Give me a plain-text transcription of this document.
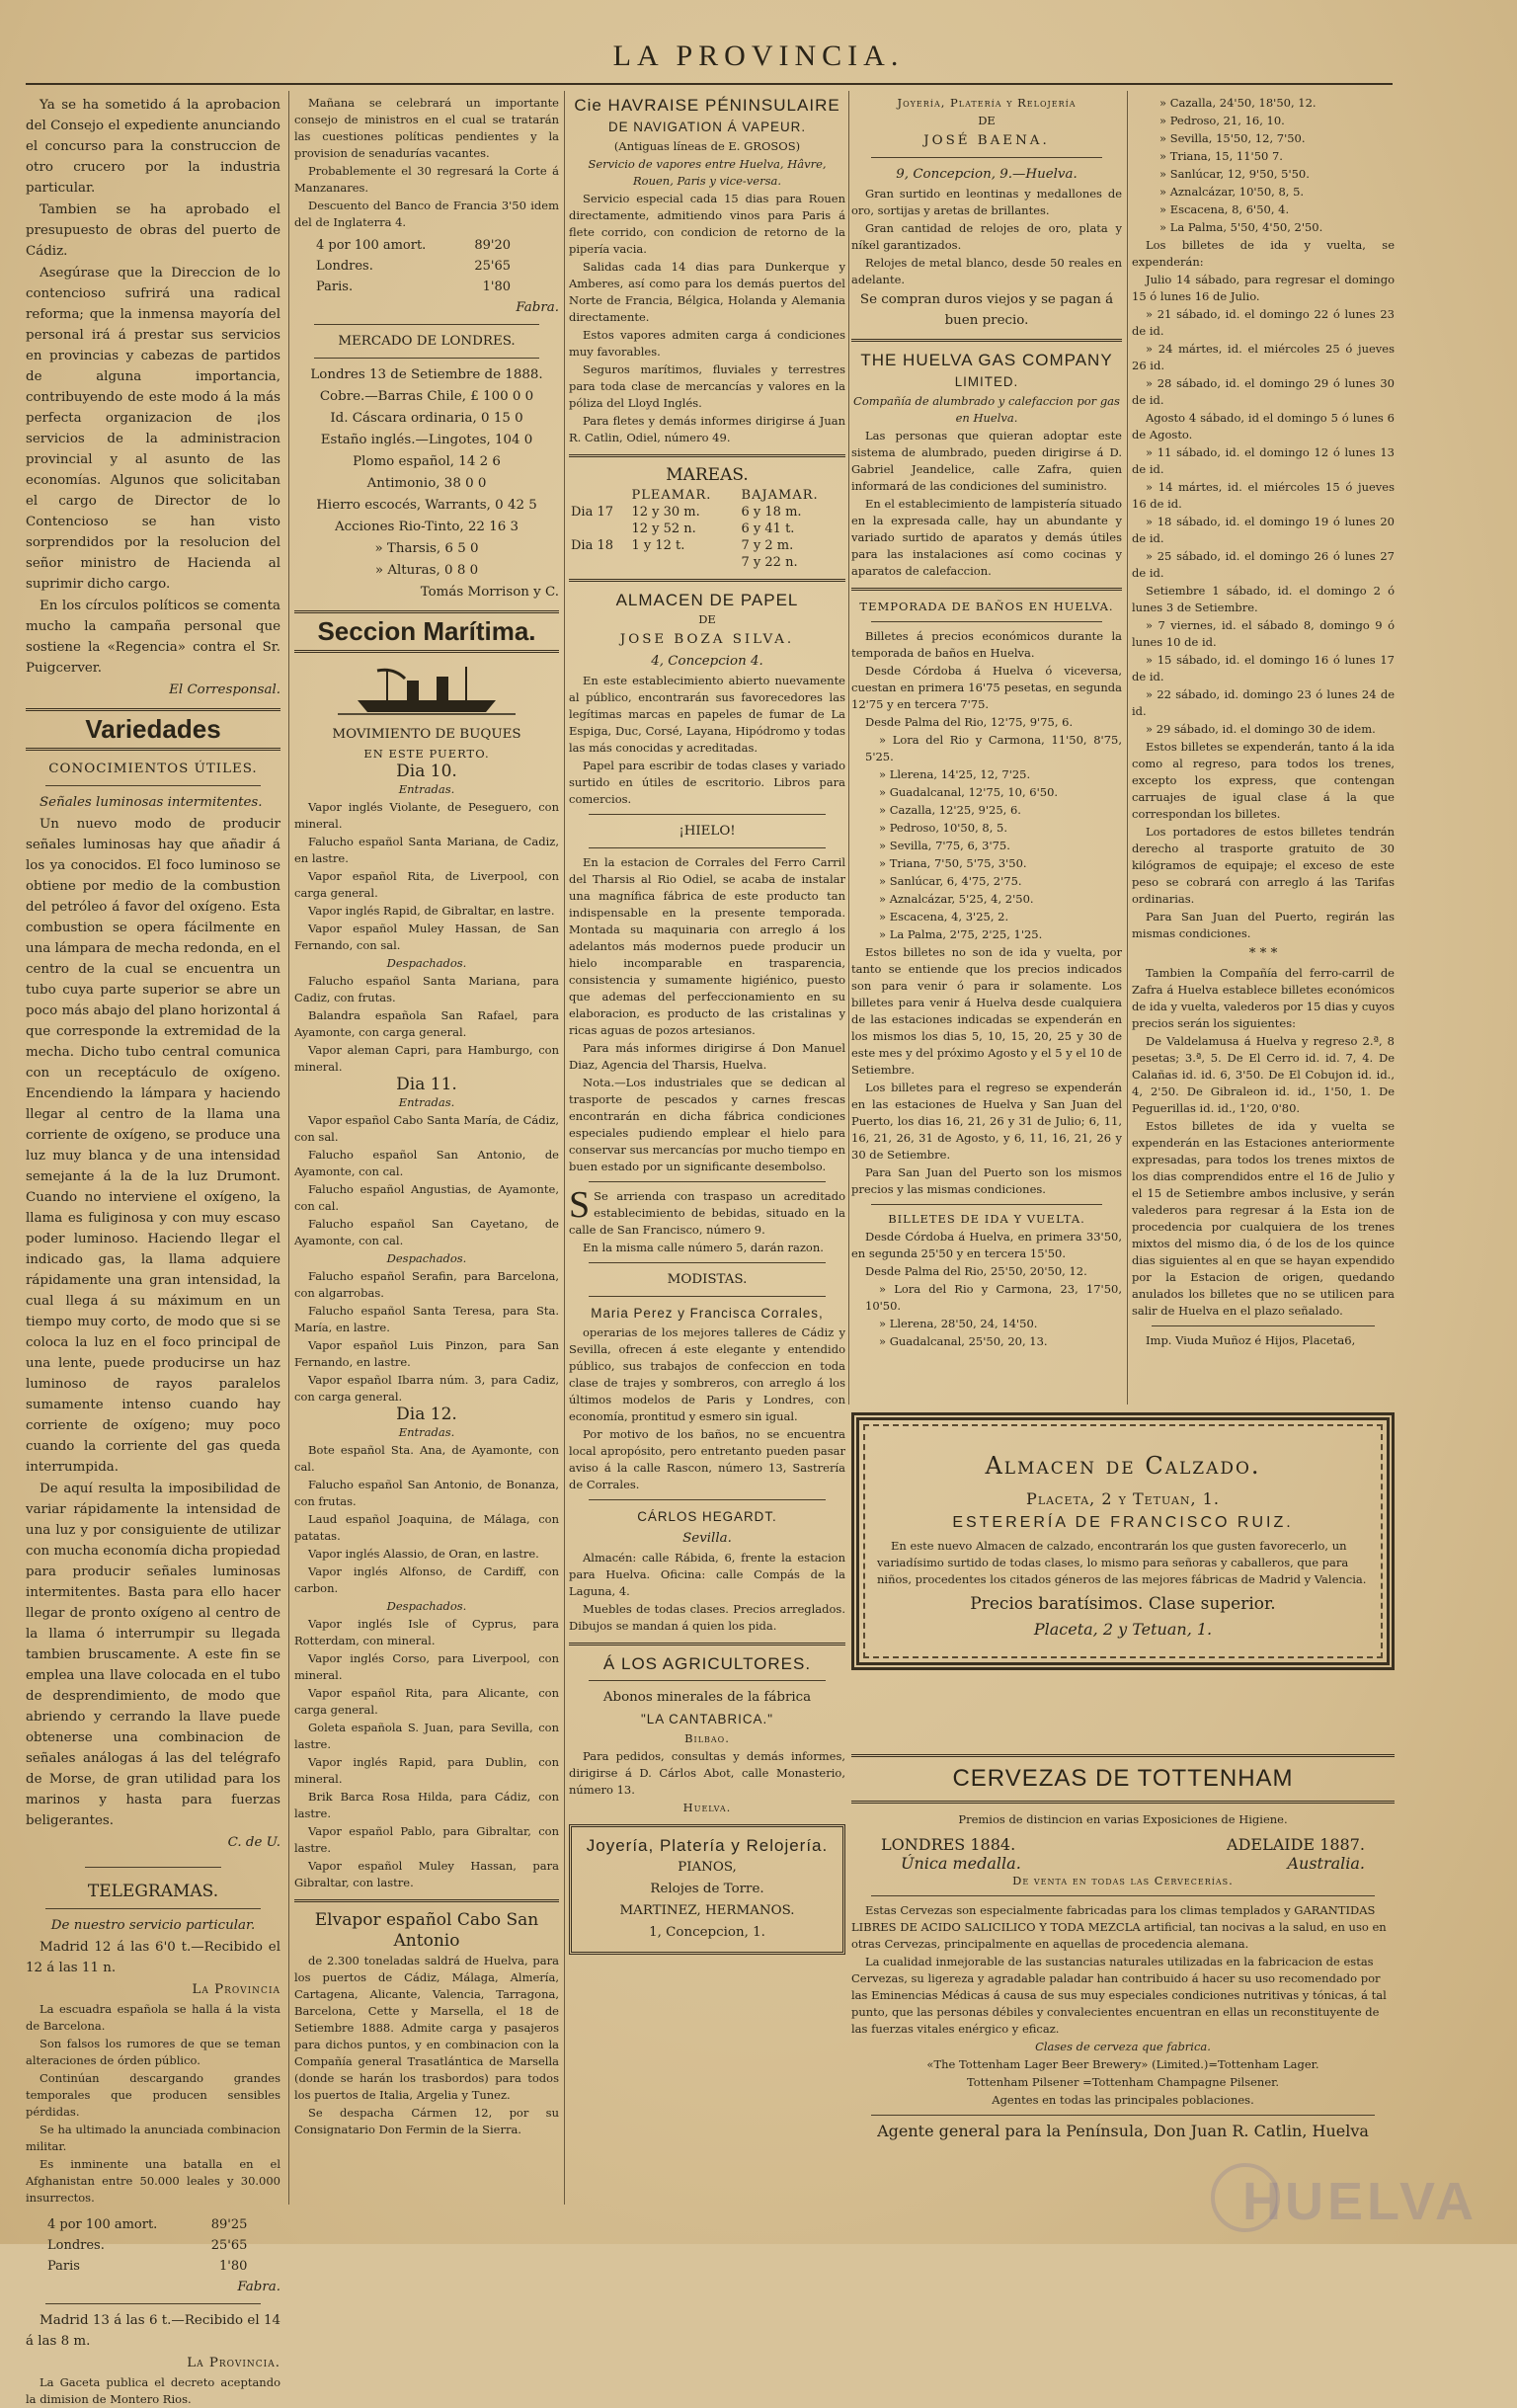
LA PROVINCIA.

Ya se ha sometido á la aprobacion del Consejo el expediente anunciando el concurso para la construccion de otro crucero por la industria particular.

Tambien se ha aprobado el presupuesto de obras del puerto de Cádiz.

Asegúrase que la Direccion de lo contencioso sufrirá una radical reforma; que la inmensa mayoría del personal irá á prestar sus servicios en provincias y cabezas de partidos de alguna importancia, contribuyendo de este modo á la más perfecta organizacion de ¡los servicios de la administracion provincial y al asunto de las economías. Algunos que solicitaban el cargo de Director de lo Contencioso se han visto sorprendidos por la resolucion del señor ministro de Hacienda al suprimir dicho cargo.

En los círculos políticos se comenta mucho la campaña personal que sostiene la «Regencia» contra el Sr. Puigcerver.

El Corresponsal.

Variedades

CONOCIMIENTOS ÚTILES.

Señales luminosas intermitentes.

Un nuevo modo de producir señales luminosas hay que añadir á los ya conocidos. El foco luminoso se obtiene por medio de la combustion del petróleo á favor del oxígeno. Esta combustion se opera fácilmente en una lámpara de mecha redonda, en el centro de la cual se encuentra un tubo cuya parte superior se abre un poco más abajo del plano horizontal á que corresponde la extremidad de la mecha. Dicho tubo central comunica con un receptáculo de oxígeno. Encendiendo la lámpara y haciendo llegar al centro de la llama una corriente de oxígeno, se produce una luz muy blanca y de una intensidad semejante á la de la luz Drumont. Cuando no interviene el oxígeno, la llama es fuliginosa y con muy escaso poder luminoso. Haciendo llegar el indicado gas, la llama adquiere rápidamente una gran intensidad, la cual llega á su máximum en un tiempo muy corto, de modo que si se coloca la luz en el foco principal de una lente, puede producirse un haz luminoso de rayos paralelos sumamente intenso cuando hay corriente de oxígeno; muy poco cuando la corriente del gas queda interrumpida.

De aquí resulta la imposibilidad de variar rápidamente la intensidad de una luz y por consiguiente de utilizar con mucha economía dicha propiedad para producir señales luminosas intermitentes. Basta para ello hacer llegar de pronto oxígeno al centro de la llama ó interrumpir su llegada tambien bruscamente. A este fin se emplea una llave colocada en el tubo de desprendimiento, de modo que abriendo y cerrando la llave puede obtenerse una combinacion de señales análogas á las del telégrafo de Morse, de gran utilidad para los marinos y hasta para fuerzas beligerantes.

C. de U.

TELEGRAMAS.

De nuestro servicio particular.

Madrid 12 á las 6'0 t.—Recibido el 12 á las 11 n.

La Provincia

La escuadra española se halla á la vista de Barcelona.

Son falsos los rumores de que se teman alteraciones de órden público.

Continúan descargando grandes temporales que producen sensibles pérdidas.

Se ha ultimado la anunciada combinacion militar.

Es inminente una batalla en el Afghanistan entre 50.000 leales y 30.000 insurrectos.

4 por 100 amort.	89'25
Londres.	25'65
Paris	1'80

Fabra.

Madrid 13 á las 6 t.—Recibido el 14 á las 8 m.

La Provincia.

La Gaceta publica el decreto aceptando la dimision de Montero Rios.

Mañana se celebrará un importante consejo de ministros en el cual se tratarán las cuestiones políticas pendientes y la provision de senadurías vacantes.

Probablemente el 30 regresará la Corte á Manzanares.

Descuento del Banco de Francia 3'50 idem del de Inglaterra 4.

4 por 100 amort.	89'20
Londres.	25'65
Paris.	1'80

Fabra.

MERCADO DE LONDRES.

Londres 13 de Setiembre de 1888.

Cobre.—Barras Chile, £ 100 0 0

Id. Cáscara ordinaria, 0 15 0

Estaño inglés.—Lingotes, 104 0

Plomo español, 14 2 6

Antimonio, 38 0 0

Hierro escocés, Warrants, 0 42 5

Acciones Rio-Tinto, 22 16 3

» Tharsis, 6 5 0

» Alturas, 0 8 0

Tomás Morrison y C.

Seccion Marítima.

MOVIMIENTO DE BUQUES

EN ESTE PUERTO.

Dia 10.

Entradas.

Vapor inglés Violante, de Peseguero, con mineral.

Falucho español Santa Mariana, de Cadiz, en lastre.

Vapor español Rita, de Liverpool, con carga general.

Vapor inglés Rapid, de Gibraltar, en lastre.

Vapor español Muley Hassan, de San Fernando, con sal.

Despachados.

Falucho español Santa Mariana, para Cadiz, con frutas.

Balandra española San Rafael, para Ayamonte, con carga general.

Vapor aleman Capri, para Hamburgo, con mineral.

Dia 11.

Entradas.

Vapor español Cabo Santa María, de Cádiz, con sal.

Falucho español San Antonio, de Ayamonte, con cal.

Falucho español Angustias, de Ayamonte, con cal.

Falucho español San Cayetano, de Ayamonte, con cal.

Despachados.

Falucho español Serafin, para Barcelona, con algarrobas.

Falucho español Santa Teresa, para Sta. María, en lastre.

Vapor español Luis Pinzon, para San Fernando, en lastre.

Vapor español Ibarra núm. 3, para Cadiz, con carga general.

Dia 12.

Entradas.

Bote español Sta. Ana, de Ayamonte, con cal.

Falucho español San Antonio, de Bonanza, con frutas.

Laud español Joaquina, de Málaga, con patatas.

Vapor inglés Alassio, de Oran, en lastre.

Vapor inglés Alfonso, de Cardiff, con carbon.

Despachados.

Vapor inglés Isle of Cyprus, para Rotterdam, con mineral.

Vapor inglés Corso, para Liverpool, con mineral.

Vapor español Rita, para Alicante, con carga general.

Goleta española S. Juan, para Sevilla, con lastre.

Vapor inglés Rapid, para Dublin, con mineral.

Brik Barca Rosa Hilda, para Cádiz, con lastre.

Vapor español Pablo, para Gibraltar, con lastre.

Vapor español Muley Hassan, para Gibraltar, con lastre.

Elvapor español Cabo San Antonio

de 2.300 toneladas saldrá de Huelva, para los puertos de Cádiz, Málaga, Almería, Cartagena, Alicante, Valencia, Tarragona, Barcelona, Cette y Marsella, el 18 de Setiembre 1888. Admite carga y pasajeros para dichos puntos, y en combinacion con la Compañía general Trasatlántica de Marsella (donde se harán los trasbordos) para todos los puertos de Italia, Argelia y Tunez.

Se despacha Cármen 12, por su Consignatario Don Fermin de la Sierra.

Cie HAVRAISE PÉNINSULAIRE

DE NAVIGATION Á VAPEUR.

(Antiguas líneas de E. GROSOS)

Servicio de vapores entre Huelva, Hâvre, Rouen, Paris y vice-versa.

Servicio especial cada 15 dias para Rouen directamente, admitiendo vinos para Paris á flete corrido, con condicion de retorno de la pipería vacia.

Salidas cada 14 dias para Dunkerque y Amberes, así como para los demás puertos del Norte de Francia, Bélgica, Holanda y Alemania directamente.

Estos vapores admiten carga á condiciones muy favorables.

Seguros marítimos, fluviales y terrestres para toda clase de mercancías y valores en la póliza del Lloyd Inglés.

Para fletes y demás informes dirigirse á Juan R. Catlin, Odiel, número 49.

MAREAS.

	PLEAMAR.	BAJAMAR.
Dia 17	12 y 30 m.	6 y 18 m.
	12 y 52 n.	6 y 41 t.
Dia 18	1 y 12 t.	7 y 2 m.
		7 y 22 n.

ALMACEN DE PAPEL

DE

JOSE BOZA SILVA.

4, Concepcion 4.

En este establecimiento abierto nuevamente al público, encontrarán sus favorecedores las legítimas marcas en papeles de fumar de La Espiga, Duc, Corsé, Layana, Hipódromo y todas las más conocidas y acreditadas.

Papel para escribir de todas clases y variado surtido en útiles de escritorio. Libros para comercios.

¡HIELO!

En la estacion de Corrales del Ferro Carril del Tharsis al Rio Odiel, se acaba de instalar una magnífica fábrica de este producto tan indispensable en la presente temporada. Montada su maquinaria con arreglo á los adelantos más modernos puede producir un hielo incomparable en trasparencia, consistencia y sumamente higiénico, puesto que ademas del perfeccionamiento en su elaboracion, es producto de las cristalinas y ricas aguas de pozos artesianos.

Para más informes dirigirse á Don Manuel Diaz, Agencia del Tharsis, Huelva.

Nota.—Los industriales que se dedican al trasporte de pescados y carnes frescas encontrarán en dicha fábrica condiciones especiales pudiendo emplear el hielo para conservar sus mercancías por mucho tiempo en buen estado por un significante desembolso.

S Se arrienda con traspaso un acreditado establecimiento de bebidas, situado en la calle de San Francisco, número 9.

En la misma calle número 5, darán razon.

MODISTAS.

Maria Perez y Francisca Corrales,

operarias de los mejores talleres de Cádiz y Sevilla, ofrecen á este elegante y entendido público, sus trabajos de confeccion en toda clase de trajes y sombreros, con arreglo á los últimos modelos de Paris y Londres, con economía, prontitud y esmero sin igual.

Por motivo de los baños, no se encuentra local apropósito, pero entretanto pueden pasar aviso á la calle Rascon, número 13, Sastrería de Corrales.

CÁRLOS HEGARDT.

Sevilla.

Almacén: calle Rábida, 6, frente la estacion para Huelva. Oficina: calle Compás de la Laguna, 4.

Muebles de todas clases. Precios arreglados. Dibujos se mandan á quien los pida.

Á LOS AGRICULTORES.

Abonos minerales de la fábrica

"LA CANTABRICA."

Bilbao.

Para pedidos, consultas y demás informes, dirigirse á D. Cárlos Abot, calle Monasterio, número 13.

Huelva.

Joyería, Platería y Relojería.

PIANOS,

Relojes de Torre.

MARTINEZ, HERMANOS.

1, Concepcion, 1.

Joyería, Platería y Relojería

DE

JOSÉ BAENA.

9, Concepcion, 9.—Huelva.

Gran surtido en leontinas y medallones de oro, sortijas y aretas de brillantes.

Gran cantidad de relojes de oro, plata y níkel garantizados.

Relojes de metal blanco, desde 50 reales en adelante.

Se compran duros viejos y se pagan á buen precio.

THE HUELVA GAS COMPANY

LIMITED.

Compañía de alumbrado y calefaccion por gas en Huelva.

Las personas que quieran adoptar este sistema de alumbrado, pueden dirigirse á D. Gabriel Jeandelice, calle Zafra, quien informará de las condiciones del suministro.

En el establecimiento de lampistería situado en la expresada calle, hay un abundante y variado surtido de aparatos y demás útiles para las instalaciones así como cocinas y aparatos de calefaccion.

TEMPORADA DE BAÑOS EN HUELVA.

Billetes á precios económicos durante la temporada de baños en Huelva.

Desde Córdoba á Huelva ó viceversa, cuestan en primera 16'75 pesetas, en segunda 12'75 y en tercera 7'75.

Desde Palma del Rio, 12'75, 9'75, 6.

» Lora del Rio y Carmona, 11'50, 8'75, 5'25.

» Llerena, 14'25, 12, 7'25.

» Guadalcanal, 12'75, 10, 6'50.

» Cazalla, 12'25, 9'25, 6.

» Pedroso, 10'50, 8, 5.

» Sevilla, 7'75, 6, 3'75.

» Triana, 7'50, 5'75, 3'50.

» Sanlúcar, 6, 4'75, 2'75.

» Aznalcázar, 5'25, 4, 2'50.

» Escacena, 4, 3'25, 2.

» La Palma, 2'75, 2'25, 1'25.

Estos billetes no son de ida y vuelta, por tanto se entiende que los precios indicados son para venir ó para ir solamente. Los billetes para venir á Huelva desde cualquiera de las estaciones indicadas se expenderán en los mismos los dias 5, 10, 15, 20, 25 y 30 de este mes y del próximo Agosto y el 5 y el 10 de Setiembre.

Los billetes para el regreso se expenderán en las estaciones de Huelva y San Juan del Puerto, los dias 16, 21, 26 y 31 de Julio; 6, 11, 16, 21, 26, 31 de Agosto, y 6, 11, 16, 21, 26 y 30 de Setiembre.

Para San Juan del Puerto son los mismos precios y las mismas condiciones.

BILLETES DE IDA Y VUELTA.

Desde Córdoba á Huelva, en primera 33'50, en segunda 25'50 y en tercera 15'50.

Desde Palma del Rio, 25'50, 20'50, 12.

» Lora del Rio y Carmona, 23, 17'50, 10'50.

» Llerena, 28'50, 24, 14'50.

» Guadalcanal, 25'50, 20, 13.

» Cazalla, 24'50, 18'50, 12.

» Pedroso, 21, 16, 10.

» Sevilla, 15'50, 12, 7'50.

» Triana, 15, 11'50 7.

» Sanlúcar, 12, 9'50, 5'50.

» Aznalcázar, 10'50, 8, 5.

» Escacena, 8, 6'50, 4.

» La Palma, 5'50, 4'50, 2'50.

Los billetes de ida y vuelta, se expenderán:

Julio 14 sábado, para regresar el domingo 15 ó lunes 16 de Julio.

» 21 sábado, id. el domingo 22 ó lunes 23 de id.

» 24 mártes, id. el miércoles 25 ó jueves 26 id.

» 28 sábado, id. el domingo 29 ó lunes 30 de id.

Agosto 4 sábado, id el domingo 5 ó lunes 6 de Agosto.

» 11 sábado, id. el domingo 12 ó lunes 13 de id.

» 14 mártes, id. el miércoles 15 ó jueves 16 de id.

» 18 sábado, id. el domingo 19 ó lunes 20 de id.

» 25 sábado, id. el domingo 26 ó lunes 27 de id.

Setiembre 1 sábado, id. el domingo 2 ó lunes 3 de Setiembre.

» 7 viernes, id. el sábado 8, domingo 9 ó lunes 10 de id.

» 15 sábado, id. el domingo 16 ó lunes 17 de id.

» 22 sábado, id. domingo 23 ó lunes 24 de id.

» 29 sábado, id. el domingo 30 de idem.

Estos billetes se expenderán, tanto á la ida como al regreso, para todos los trenes, excepto los express, que contengan carruajes de igual clase á la que correspondan los billetes.

Los portadores de estos billetes tendrán derecho al trasporte gratuito de 30 kilógramos de equipaje; el exceso de este peso se cobrará con arreglo á las Tarifas ordinarias.

Para San Juan del Puerto, regirán las mismas condiciones.

* * *

Tambien la Compañía del ferro-carril de Zafra á Huelva establece billetes económicos de ida y vuelta, valederos por 15 dias y cuyos precios serán los siguientes:

De Valdelamusa á Huelva y regreso 2.ª, 8 pesetas; 3.ª, 5. De El Cerro id. id. 7, 4. De Calañas id. id. 6, 3'50. De El Cobujon id. id., 4, 2'50. De Gibraleon id. id., 1'50, 1. De Peguerillas id. id., 1'20, 0'80.

Estos billetes de ida y vuelta se expenderán en las Estaciones anteriormente expresadas, para todos los trenes mixtos de los dias comprendidos entre el 16 de Julio y el 15 de Setiembre ambos inclusive, y serán valederos para regresar á la Esta ion de procedencia por cualquiera de los trenes mixtos del mismo dia, ó de los de los quince dias siguientes al en que se hayan expendido por la Estacion de origen, quedando anulados los billetes que no se utilicen para salir de Huelva en el plazo señalado.

Imp. Viuda Muñoz é Hijos, Placeta6,

Almacen de Calzado.

Placeta, 2 y Tetuan, 1.

ESTERERÍA DE FRANCISCO RUIZ.

En este nuevo Almacen de calzado, encontrarán los que gusten favorecerlo, un variadísimo surtido de todas clases, lo mismo para señoras y caballeros, que para niños, procedentes los citados géneros de las mejores fábricas de Madrid y Valencia.

Precios baratísimos. Clase superior.

Placeta, 2 y Tetuan, 1.

CERVEZAS DE TOTTENHAM

Premios de distincion en varias Exposiciones de Higiene.

LONDRES 1884.	ADELAIDE 1887.
Única medalla.	Australia.

De venta en todas las Cervecerías.

Estas Cervezas son especialmente fabricadas para los climas templados y GARANTIDAS LIBRES DE ACIDO SALICILICO Y TODA MEZCLA artificial, tan nocivas a la salud, en uso en otras Cervezas, principalmente en aquellas de procedencia alemana.

La cualidad inmejorable de las sustancias naturales utilizadas en la fabricacion de estas Cervezas, su ligereza y agradable paladar han contribuido á hacer su uso recomendado por las Eminencias Médicas á causa de sus muy especiales condiciones nutritivas y tónicas, á tal punto, que las personas débiles y convalecientes encuentran en ellas un reconstituyente de las fuerzas vitales enérgico y eficaz.

Clases de cerveza que fabrica.

«The Tottenham Lager Beer Brewery» (Limited.)=Tottenham Lager.

Tottenham Pilsener =Tottenham Champagne Pilsener.

Agentes en todas las principales poblaciones.

Agente general para la Península, Don Juan R. Catlin, Huelva

HUELVA
